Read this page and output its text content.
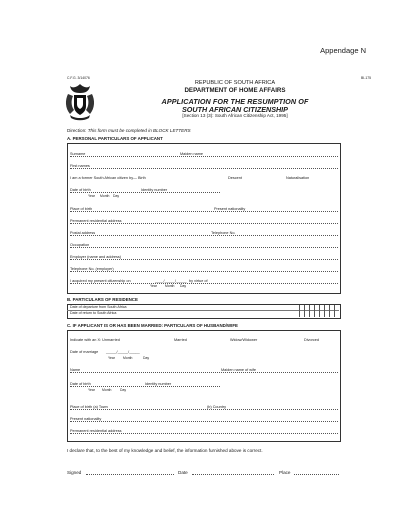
Appendage N
C.F.G. 3/14076	BI-175
REPUBLIC OF SOUTH AFRICA
DEPARTMENT OF HOME AFFAIRS
APPLICATION FOR THE RESUMPTION OF
SOUTH AFRICAN CITIZENSHIP
[Section 13 (3): South African Citizenship Act, 1995]
Direction: This form must be completed in BLOCK LETTERS
A. PERSONAL PARTICULARS OF APPLICANT
Surname	Maiden name
First names
I am a former South African citizen by— Birth	Descent	Naturalisation
Date of birth	Identity number
Year Month Day
Place of birth	Present nationality
Permanent residential address
Postal address	Telephone No.
Occupation
Employer (name and address)
Telephone No. (employer)
I acquired my present citizenship on	____/_____/_____ by virtue of
Year Month Day
B. PARTICULARS OF RESIDENCE
Date of departure from South Africa
Date of return to South Africa
C. IF APPLICANT IS OR HAS BEEN MARRIED: PARTICULARS OF HUSBAND/WIFE
Indicate with an X: Unmarried	Married	Widow/Widower	Divorced
Date of marriage _____/_____/_____
Year Month	Day
Name	Maiden name of wife
Date of birth	Identity number
Year Month	Day
Place of birth (a) Town	(b) Country
Present nationality
Permanent residential address
I declare that, to the best of my knowledge and belief, the information furnished above is correct.
Signed	Date	Place
